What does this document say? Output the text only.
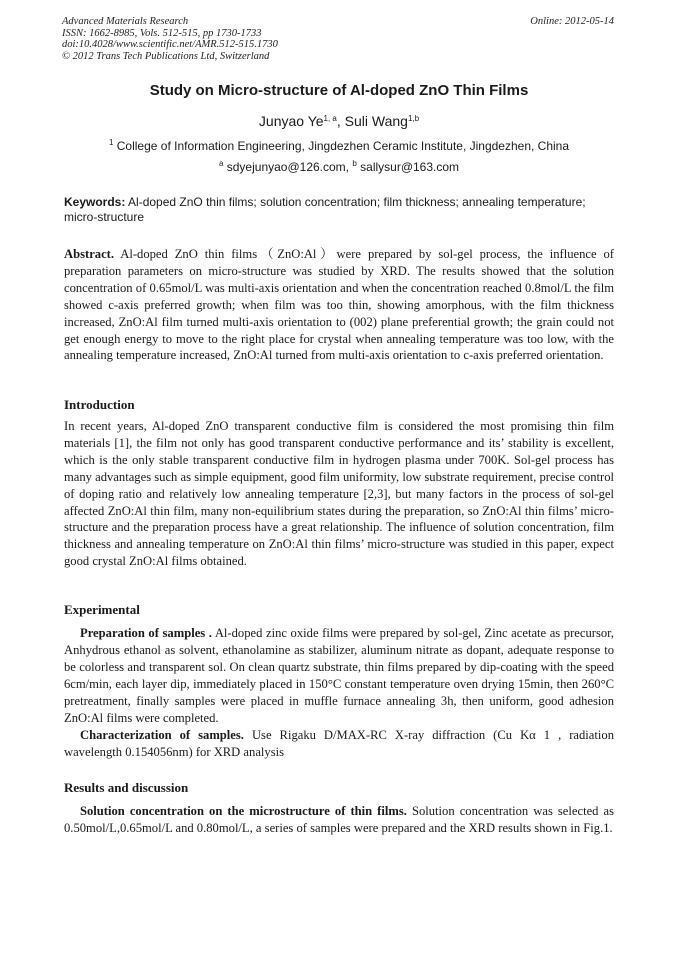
Advanced Materials Research
ISSN: 1662-8985, Vols. 512-515, pp 1730-1733
doi:10.4028/www.scientific.net/AMR.512-515.1730
© 2012 Trans Tech Publications Ltd, Switzerland
Online: 2012-05-14
Study on Micro-structure of Al-doped ZnO Thin Films
Junyao Ye$^{1, a}$, Suli Wang$^{1,b}$
$^1$ College of Information Engineering, Jingdezhen Ceramic Institute, Jingdezhen, China
$^a$ sdyejunyao@126.com, $^b$ sallysur@163.com
Keywords: Al-doped ZnO thin films; solution concentration; film thickness; annealing temperature; micro-structure
Abstract. Al-doped ZnO thin films（ZnO:Al）were prepared by sol-gel process, the influence of preparation parameters on micro-structure was studied by XRD. The results showed that the solution concentration of 0.65mol/L was multi-axis orientation and when the concentration reached 0.8mol/L the film showed c-axis preferred growth; when film was too thin, showing amorphous, with the film thickness increased, ZnO:Al film turned multi-axis orientation to (002) plane preferential growth; the grain could not get enough energy to move to the right place for crystal when annealing temperature was too low, with the annealing temperature increased, ZnO:Al turned from multi-axis orientation to c-axis preferred orientation.
Introduction
In recent years, Al-doped ZnO transparent conductive film is considered the most promising thin film materials [1], the film not only has good transparent conductive performance and its’ stability is excellent, which is the only stable transparent conductive film in hydrogen plasma under 700K. Sol-gel process has many advantages such as simple equipment, good film uniformity, low substrate requirement, precise control of doping ratio and relatively low annealing temperature [2,3], but many factors in the process of sol-gel affected ZnO:Al thin film, many non-equilibrium states during the preparation, so ZnO:Al thin films’ micro-structure and the preparation process have a great relationship. The influence of solution concentration, film thickness and annealing temperature on ZnO:Al thin films’ micro-structure was studied in this paper, expect good crystal ZnO:Al films obtained.
Experimental
Preparation of samples . Al-doped zinc oxide films were prepared by sol-gel, Zinc acetate as precursor, Anhydrous ethanol as solvent, ethanolamine as stabilizer, aluminum nitrate as dopant, adequate response to be colorless and transparent sol. On clean quartz substrate, thin films prepared by dip-coating with the speed 6cm/min, each layer dip, immediately placed in 150°C constant temperature oven drying 15min, then 260°C pretreatment, finally samples were placed in muffle furnace annealing 3h, then uniform, good adhesion ZnO:Al films were completed.
Characterization of samples. Use Rigaku D/MAX-RC X-ray diffraction (Cu Kα 1 , radiation wavelength 0.154056nm) for XRD analysis
Results and discussion
Solution concentration on the microstructure of thin films. Solution concentration was selected as 0.50mol/L,0.65mol/L and 0.80mol/L, a series of samples were prepared and the XRD results shown in Fig.1.
